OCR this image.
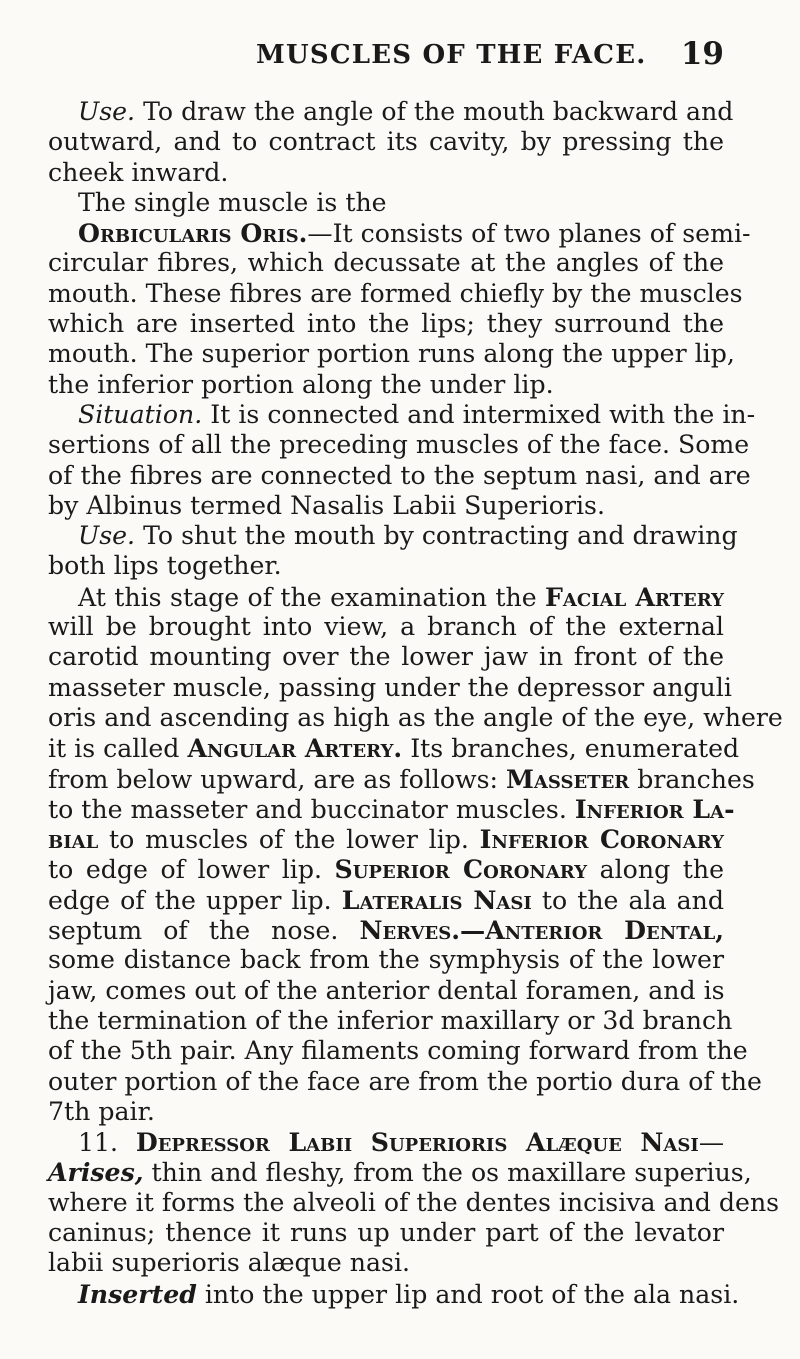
MUSCLES OF THE FACE. 19
Use. To draw the angle of the mouth backward and
outward, and to contract its cavity, by pressing the
cheek inward.
The single muscle is the
Orbicularis Oris.—It consists of two planes of semi-
circular fibres, which decussate at the angles of the
mouth. These fibres are formed chiefly by the muscles
which are inserted into the lips; they surround the
mouth. The superior portion runs along the upper lip,
the inferior portion along the under lip.
Situation. It is connected and intermixed with the in-
sertions of all the preceding muscles of the face. Some
of the fibres are connected to the septum nasi, and are
by Albinus termed Nasalis Labii Superioris.
Use. To shut the mouth by contracting and drawing
both lips together.
At this stage of the examination the Facial Artery
will be brought into view, a branch of the external
carotid mounting over the lower jaw in front of the
masseter muscle, passing under the depressor anguli
oris and ascending as high as the angle of the eye, where
it is called Angular Artery. Its branches, enumerated
from below upward, are as follows: Masseter branches
to the masseter and buccinator muscles. Inferior La-
bial to muscles of the lower lip. Inferior Coronary
to edge of lower lip. Superior Coronary along the
edge of the upper lip. Lateralis Nasi to the ala and
septum of the nose. Nerves.—Anterior Dental,
some distance back from the symphysis of the lower
jaw, comes out of the anterior dental foramen, and is
the termination of the inferior maxillary or 3d branch
of the 5th pair. Any filaments coming forward from the
outer portion of the face are from the portio dura of the
7th pair.
11. Depressor Labii Superioris Alæque Nasi—
Arises, thin and fleshy, from the os maxillare superius,
where it forms the alveoli of the dentes incisiva and dens
caninus; thence it runs up under part of the levator
labii superioris alæque nasi.
Inserted into the upper lip and root of the ala nasi.
